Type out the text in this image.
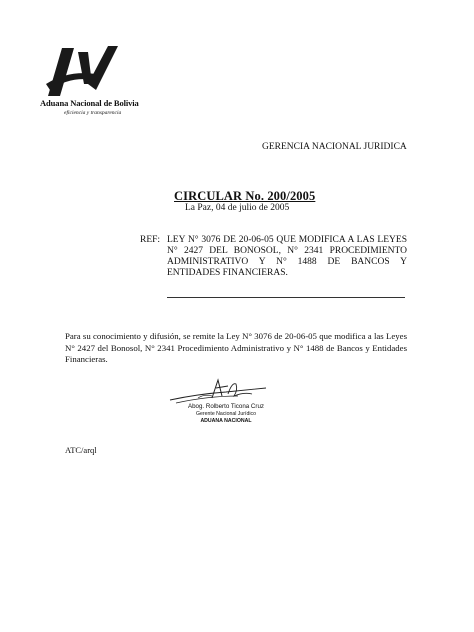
Aduana Nacional de Bolivia
eficiencia y transparencia
GERENCIA NACIONAL JURIDICA
CIRCULAR No. 200/2005
La Paz, 04 de julio de 2005
REF: LEY N° 3076 DE 20-06-05 QUE MODIFICA A LAS LEYES N° 2427 DEL BONOSOL, N° 2341 PROCEDIMIENTO ADMINISTRATIVO Y N° 1488 DE BANCOS Y ENTIDADES FINANCIERAS.
Para su conocimiento y difusión, se remite la Ley N° 3076 de 20-06-05 que modifica a las Leyes N° 2427 del Bonosol, N° 2341 Procedimiento Administrativo y N° 1488 de Bancos y Entidades Financieras.
Abog. Rolberto Ticona Cruz
Gerente Nacional Jurídico
ADUANA NACIONAL
ATC/arql
